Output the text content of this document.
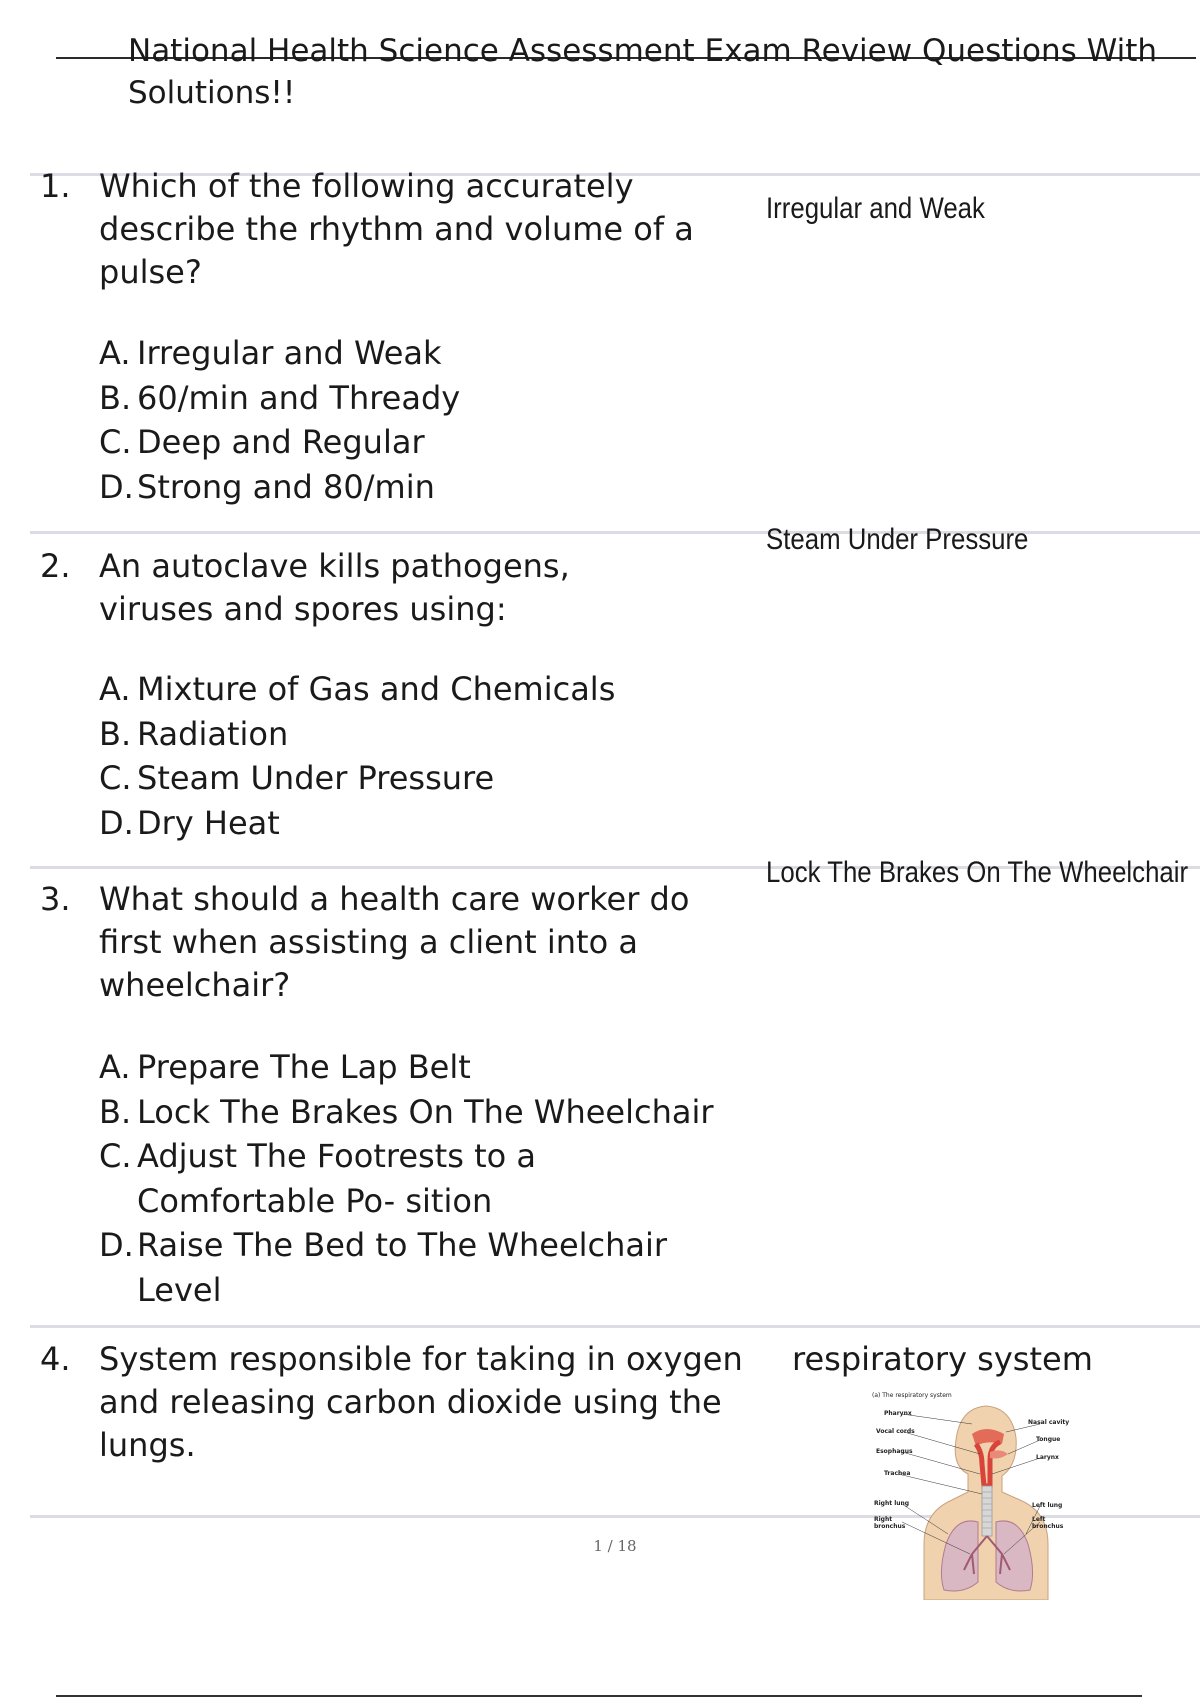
National Health Science Assessment Exam Review Questions With
Solutions!!
1. Which of the following accurately describe the rhythm and volume of a pulse?
A. Irregular and Weak
B. 60/min and Thready
C. Deep and Regular
D. Strong and 80/min
Irregular and Weak
2. An autoclave kills pathogens, viruses and spores using:
A. Mixture of Gas and Chemicals
B. Radiation
C. Steam Under Pressure
D. Dry Heat
Steam Under Pressure
3. What should a health care worker do first when assisting a client into a wheelchair?
A. Prepare The Lap Belt
B. Lock The Brakes On The Wheelchair
C. Adjust The Footrests to a Comfortable Po- sition
D. Raise The Bed to The Wheelchair Level
Lock The Brakes On The Wheelchair
4. System responsible for taking in oxygen and releasing carbon dioxide using the lungs.
respiratory system
(a) The respiratory system
Pharynx
Vocal cords
Esophagus
Trachea
Right lung
Right bronchus
Nasal cavity
Tongue
Larynx
Left lung
Left bronchus
1 / 18
